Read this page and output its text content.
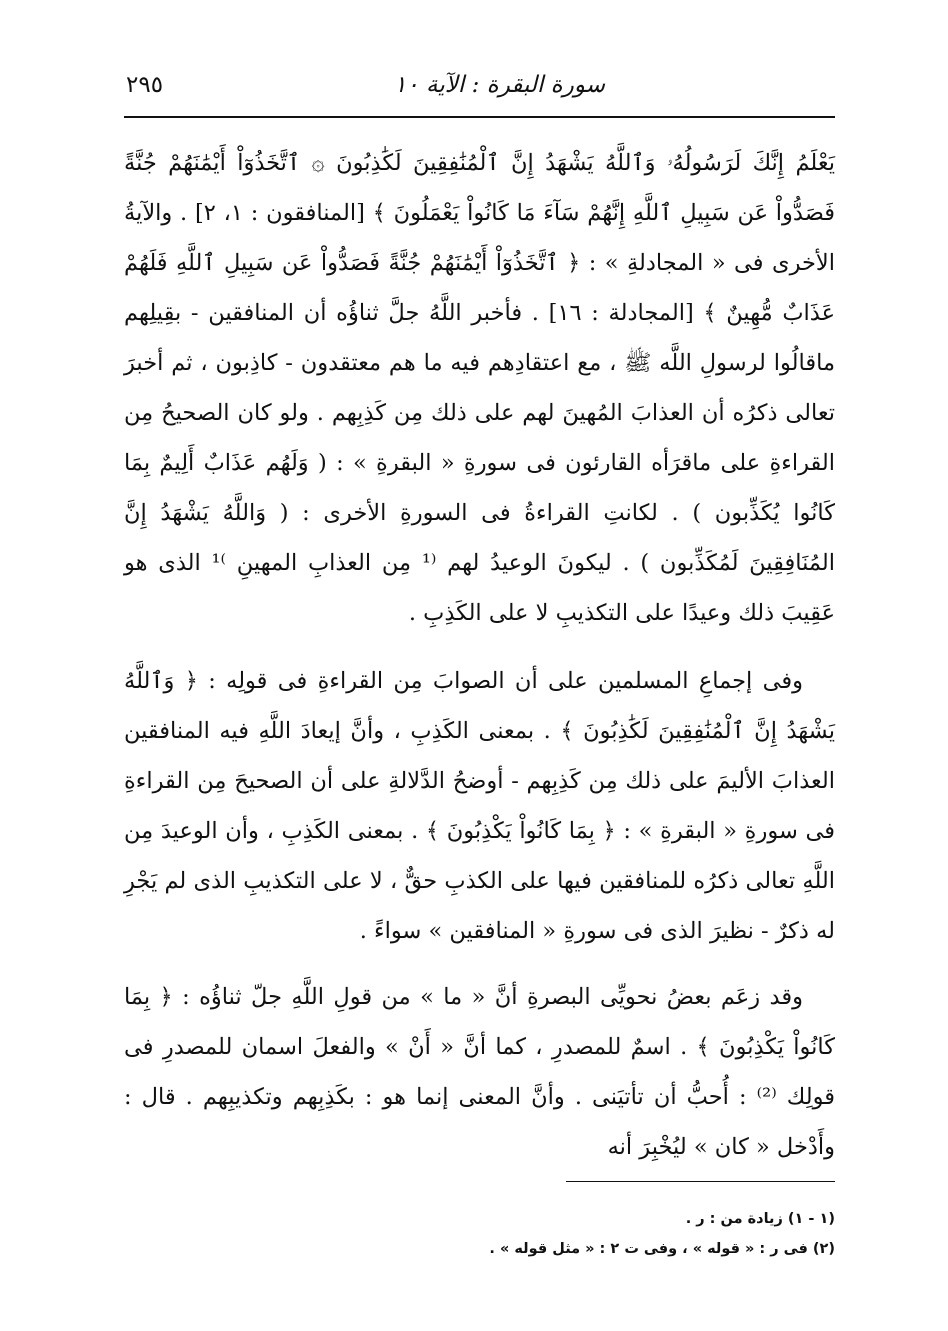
سورة البقرة : الآية ١٠
٢٩٥

يَعْلَمُ إِنَّكَ لَرَسُولُهُۥ وَٱللَّهُ يَشْهَدُ إِنَّ ٱلْمُنَٰفِقِينَ لَكَٰذِبُونَ ۞ ٱتَّخَذُوٓاْ أَيْمَٰنَهُمْ جُنَّةً فَصَدُّواْ عَن سَبِيلِ ٱللَّهِ إِنَّهُمْ سَآءَ مَا كَانُواْ يَعْمَلُونَ ﴾ [المنافقون : ١، ٢] . والآيةُ الأخرى فى « المجادلةِ » : ﴿ ٱتَّخَذُوٓاْ أَيْمَٰنَهُمْ جُنَّةً فَصَدُّواْ عَن سَبِيلِ ٱللَّهِ فَلَهُمْ عَذَابٌ مُّهِينٌ ﴾ [المجادلة : ١٦] . فأخبر اللَّهُ جلَّ ثناؤُه أن المنافقين - بقِيلِهم ماقالُوا لرسولِ اللَّه ﷺ ، مع اعتقادِهم فيه ما هم معتقدون - كاذِبون ، ثم أخبرَ تعالى ذكرُه أن العذابَ المُهينَ لهم على ذلك مِن كَذِبِهم . ولو كان الصحيحُ مِن القراءةِ على ماقرَأه القارئون فى سورةِ « البقرةِ » : ( وَلَهُم عَذَابٌ أَلِيمٌ بِمَا كَانُوا يُكَذِّبون ) . لكانتِ القراءةُ فى السورةِ الأخرى : ( وَاللَّهُ يَشْهَدُ إِنَّ المُنَافِقِينَ لَمُكَذِّبون ) . ليكونَ الوعيدُ لهم ⁽¹ مِن العذابِ المهينِ ⁾¹ الذى هو عَقِيبَ ذلك وعيدًا على التكذيبِ لا على الكَذِبِ .

وفى إجماعِ المسلمين على أن الصوابَ مِن القراءةِ فى قولِه : ﴿ وَٱللَّهُ يَشْهَدُ إِنَّ ٱلْمُنَٰفِقِينَ لَكَٰذِبُونَ ﴾ . بمعنى الكَذِبِ ، وأنَّ إيعادَ اللَّهِ فيه المنافقين العذابَ الأليمَ على ذلك مِن كَذِبِهم - أوضحُ الدَّلالةِ على أن الصحيحَ مِن القراءةِ فى سورةِ « البقرةِ » : ﴿ بِمَا كَانُواْ يَكْذِبُونَ ﴾ . بمعنى الكَذِبِ ، وأن الوعيدَ مِن اللَّهِ تعالى ذكرُه للمنافقين فيها على الكذبِ حقٌّ ، لا على التكذيبِ الذى لم يَجْرِ له ذكرٌ - نظيرَ الذى فى سورةِ « المنافقين » سواءً .

وقد زعَم بعضُ نحويِّى البصرةِ أنَّ « ما » من قولِ اللَّهِ جلّ ثناؤُه : ﴿ بِمَا كَانُواْ يَكْذِبُونَ ﴾ . اسمٌ للمصدرِ ، كما أنَّ « أَنْ » والفعلَ اسمان للمصدرِ فى قولِك ⁽²⁾ : أُحبُّ أن تأتيَنى . وأنَّ المعنى إنما هو : بكَذِبِهم وتكذيبِهم . قال : وأَدْخل « كان » ليُخْبِرَ أنه

(١ - ١) زيادة من : ر .

(٢) فى ر : « قوله » ، وفى ت ٢ : « مثل قوله » .
